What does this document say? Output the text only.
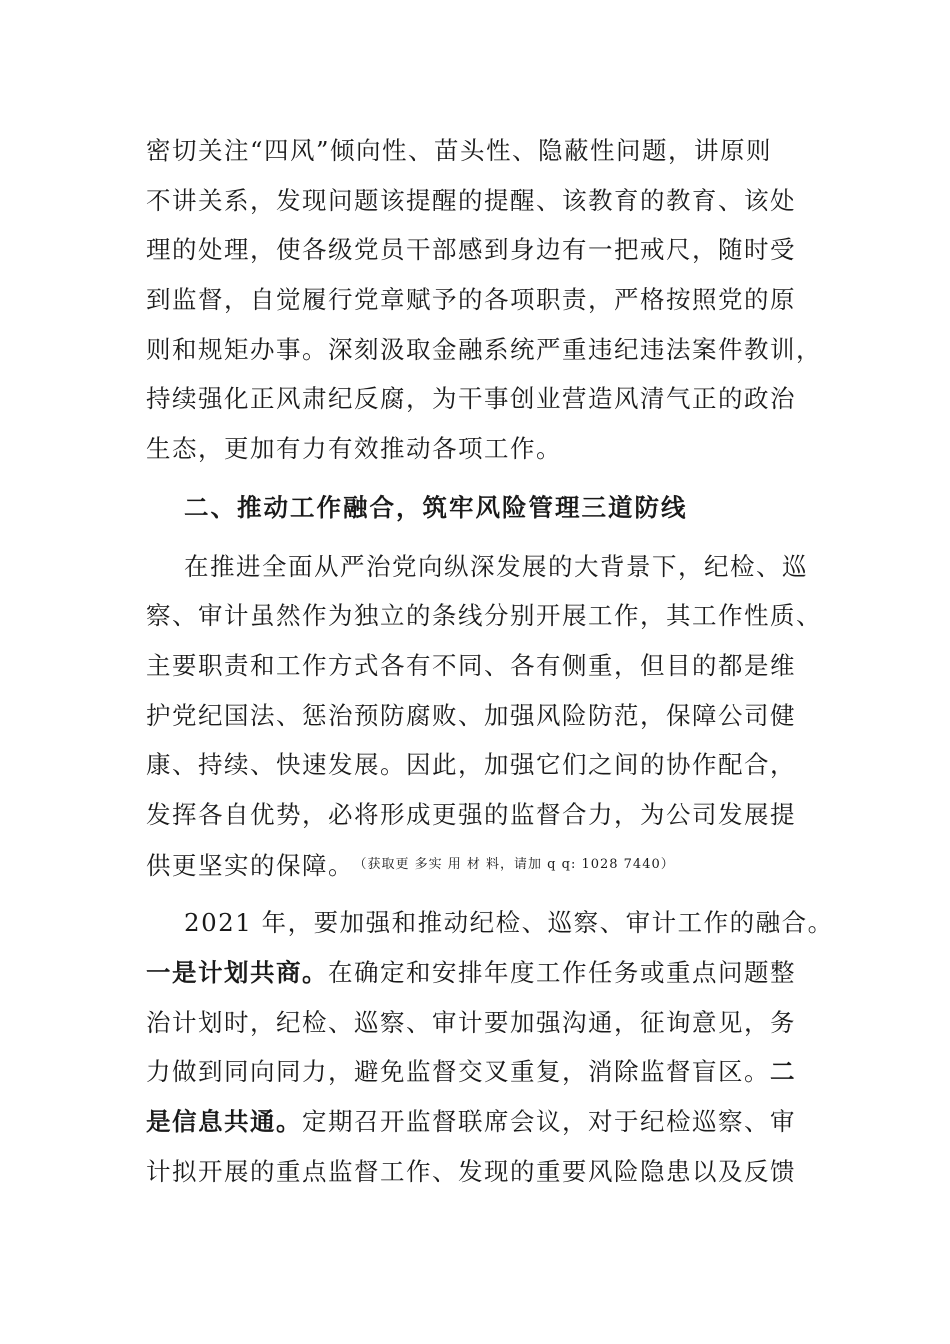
密切关注“四风”倾向性、苗头性、隐蔽性问题，讲原则
不讲关系，发现问题该提醒的提醒、该教育的教育、该处
理的处理，使各级党员干部感到身边有一把戒尺，随时受
到监督，自觉履行党章赋予的各项职责，严格按照党的原
则和规矩办事。深刻汲取金融系统严重违纪违法案件教训，
持续强化正风肃纪反腐，为干事创业营造风清气正的政治
生态，更加有力有效推动各项工作。
二、推动工作融合，筑牢风险管理三道防线
在推进全面从严治党向纵深发展的大背景下，纪检、巡
察、审计虽然作为独立的条线分别开展工作，其工作性质、
主要职责和工作方式各有不同、各有侧重，但目的都是维
护党纪国法、惩治预防腐败、加强风险防范，保障公司健
康、持续、快速发展。因此，加强它们之间的协作配合，
发挥各自优势，必将形成更强的监督合力，为公司发展提
供更坚实的保障。 $^{(获取更 多实 用 材 料,请加 q q: 1028 7440)}$
2021 年，要加强和推动纪检、巡察、审计工作的融合。
一是计划共商。在确定和安排年度工作任务或重点问题整
治计划时，纪检、巡察、审计要加强沟通，征询意见，务
力做到同向同力，避免监督交叉重复，消除监督盲区。二
是信息共通。定期召开监督联席会议，对于纪检巡察、审
计拟开展的重点监督工作、发现的重要风险隐患以及反馈
